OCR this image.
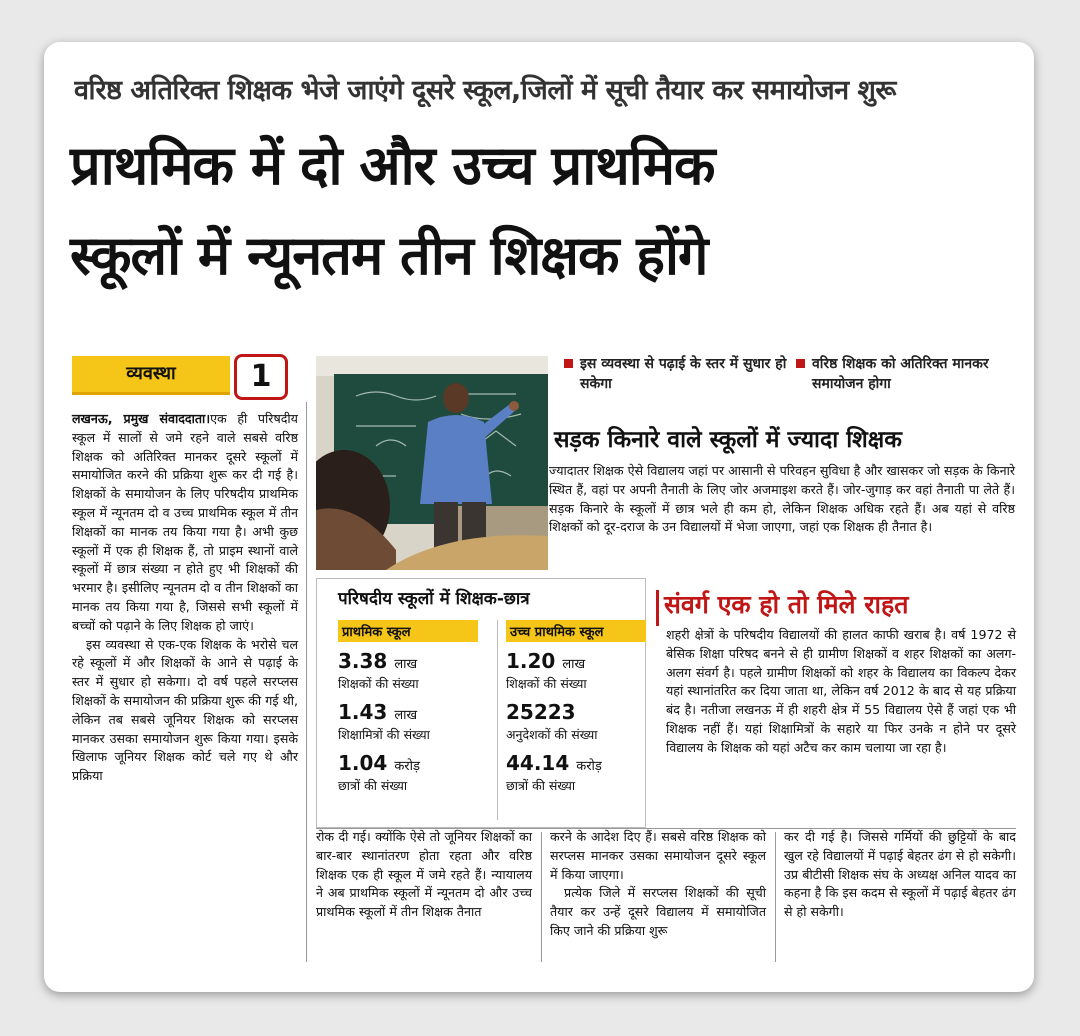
वरिष्ठ अतिरिक्त शिक्षक भेजे जाएंगे दूसरे स्कूल,जिलों में सूची तैयार कर समायोजन शुरू
प्राथमिक में दो और उच्च प्राथमिक
स्कूलों में न्यूनतम तीन शिक्षक होंगे
व्यवस्था	1

लखनऊ, प्रमुख संवाददाता।एक ही परिषदीय स्कूल में सालों से जमे रहने वाले सबसे वरिष्ठ शिक्षक को अतिरिक्त मानकर दूसरे स्कूलों में समायोजित करने की प्रक्रिया शुरू कर दी गई है। शिक्षकों के समायोजन के लिए परिषदीय प्राथमिक स्कूल में न्यूनतम दो व उच्च प्राथमिक स्कूल में तीन शिक्षकों का मानक तय किया गया है। अभी कुछ स्कूलों में एक ही शिक्षक हैं, तो प्राइम स्थानों वाले स्कूलों में छात्र संख्या न होते हुए भी शिक्षकों की भरमार है। इसीलिए न्यूनतम दो व तीन शिक्षकों का मानक तय किया गया है, जिससे सभी स्कूलों में बच्चों को पढ़ाने के लिए शिक्षक हो जाएं।

इस व्यवस्था से एक-एक शिक्षक के भरोसे चल रहे स्कूलों में और शिक्षकों के आने से पढ़ाई के स्तर में सुधार हो सकेगा। दो वर्ष पहले सरप्लस शिक्षकों के समायोजन की प्रक्रिया शुरू की गई थी, लेकिन तब सबसे जूनियर शिक्षक को सरप्लस मानकर उसका समायोजन शुरू किया गया। इसके खिलाफ जूनियर शिक्षक कोर्ट चले गए थे और प्रक्रिया

इस व्यवस्था से पढ़ाई के स्तर में सुधार हो सकेगा
वरिष्ठ शिक्षक को अतिरिक्त मानकर समायोजन होगा
सड़क किनारे वाले स्कूलों में ज्यादा शिक्षक
ज्यादातर शिक्षक ऐसे विद्यालय जहां पर आसानी से परिवहन सुविधा है और खासकर जो सड़क के किनारे स्थित हैं, वहां पर अपनी तैनाती के लिए जोर अजमाइश करते हैं। जोर-जुगाड़ कर वहां तैनाती पा लेते हैं। सड़क किनारे के स्कूलों में छात्र भले ही कम हो, लेकिन शिक्षक अधिक रहते हैं। अब यहां से वरिष्ठ शिक्षकों को दूर-दराज के उन विद्यालयों में भेजा जाएगा, जहां एक शिक्षक ही तैनात है।
परिषदीय स्कूलों में शिक्षक-छात्र
प्राथमिक स्कूल
3.38 लाख
शिक्षकों की संख्या
1.43 लाख
शिक्षामित्रों की संख्या
1.04 करोड़
छात्रों की संख्या
उच्च प्राथमिक स्कूल
1.20 लाख
शिक्षकों की संख्या
25223
अनुदेशकों की संख्या
44.14 करोड़
छात्रों की संख्या
संवर्ग एक हो तो मिले राहत
शहरी क्षेत्रों के परिषदीय विद्यालयों की हालत काफी खराब है। वर्ष 1972 से बेसिक शिक्षा परिषद बनने से ही ग्रामीण शिक्षकों व शहर शिक्षकों का अलग-अलग संवर्ग है। पहले ग्रामीण शिक्षकों को शहर के विद्यालय का विकल्प देकर यहां स्थानांतरित कर दिया जाता था, लेकिन वर्ष 2012 के बाद से यह प्रक्रिया बंद है। नतीजा लखनऊ में ही शहरी क्षेत्र में 55 विद्यालय ऐसे हैं जहां एक भी शिक्षक नहीं हैं। यहां शिक्षामित्रों के सहारे या फिर उनके न होने पर दूसरे विद्यालय के शिक्षक को यहां अटैच कर काम चलाया जा रहा है।

रोक दी गई। क्योंकि ऐसे तो जूनियर शिक्षकों का बार-बार स्थानांतरण होता रहता और वरिष्ठ शिक्षक एक ही स्कूल में जमे रहते हैं। न्यायालय ने अब प्राथमिक स्कूलों में न्यूनतम दो और उच्च प्राथमिक स्कूलों में तीन शिक्षक तैनात

करने के आदेश दिए हैं। सबसे वरिष्ठ शिक्षक को सरप्लस मानकर उसका समायोजन दूसरे स्कूल में किया जाएगा।

प्रत्येक जिले में सरप्लस शिक्षकों की सूची तैयार कर उन्हें दूसरे विद्यालय में समायोजित किए जाने की प्रक्रिया शुरू

कर दी गई है। जिससे गर्मियों की छुट्टियों के बाद खुल रहे विद्यालयों में पढ़ाई बेहतर ढंग से हो सकेगी। उप्र बीटीसी शिक्षक संघ के अध्यक्ष अनिल यादव का कहना है कि इस कदम से स्कूलों में पढ़ाई बेहतर ढंग से हो सकेगी।
